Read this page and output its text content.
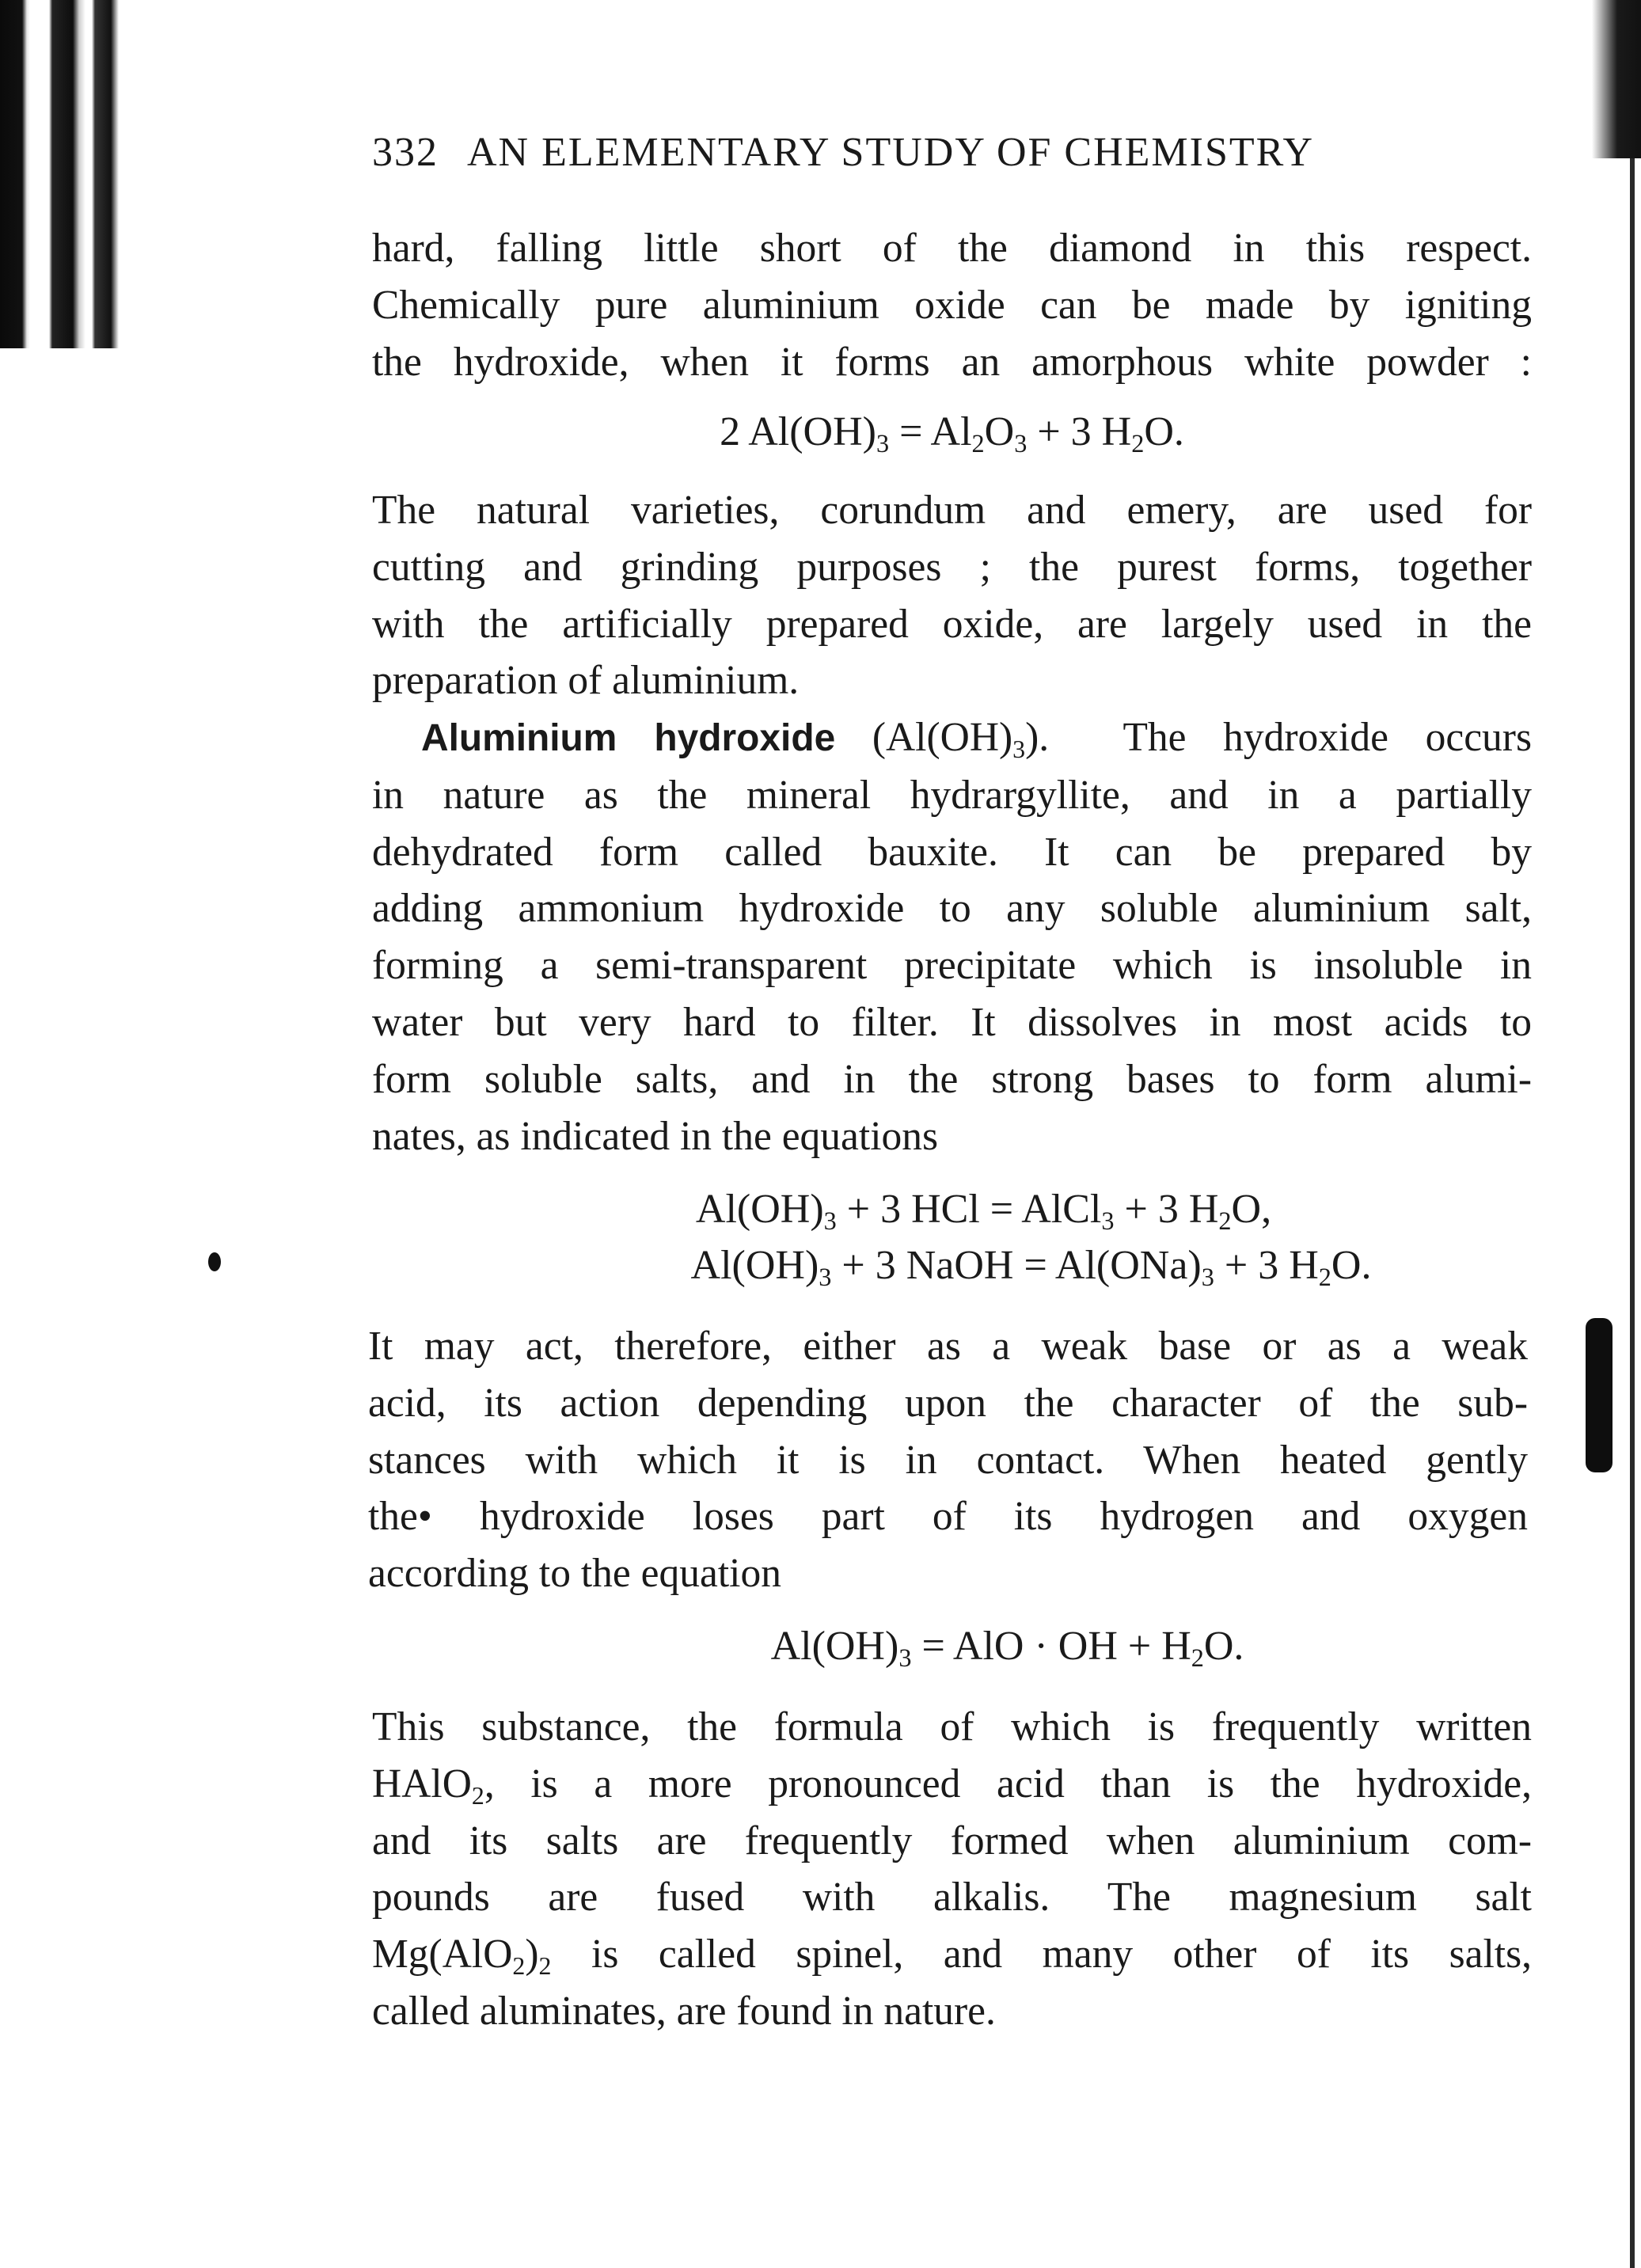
332 AN ELEMENTARY STUDY OF CHEMISTRY
hard, falling little short of the diamond in this respect.
Chemically pure aluminium oxide can be made by igniting
the hydroxide, when it forms an amorphous white powder :
2 $Al(OH)_3 = Al_2O_3 + 3$ $H_2O$.
The natural varieties, corundum and emery, are used for
cutting and grinding purposes ; the purest forms, together
with the artificially prepared oxide, are largely used in the
preparation of aluminium.
Aluminium hydroxide $(Al(OH)_3)$. The hydroxide occurs
in nature as the mineral hydrargyllite, and in a partially
dehydrated form called bauxite. It can be prepared by
adding ammonium hydroxide to any soluble aluminium salt,
forming a semi-transparent precipitate which is insoluble in
water but very hard to filter. It dissolves in most acids to
form soluble salts, and in the strong bases to form alumi-
nates, as indicated in the equations
$Al(OH)_3 + 3$ HCl = AlCl$_3$ + 3 $H_2O$,
$Al(OH)_3 + 3$ NaOH = $Al(ONa)_3 + 3$ $H_2O$.
It may act, therefore, either as a weak base or as a weak
acid, its action depending upon the character of the sub-
stances with which it is in contact. When heated gently
the• hydroxide loses part of its hydrogen and oxygen
according to the equation
$Al(OH)_3$ = AlO · OH + $H_2O$.
This substance, the formula of which is frequently written
HAlO$_2$, is a more pronounced acid than is the hydroxide,
and its salts are frequently formed when aluminium com-
pounds are fused with alkalis. The magnesium salt
$Mg(AlO_2)_2$ is called spinel, and many other of its salts,
called aluminates, are found in nature.
